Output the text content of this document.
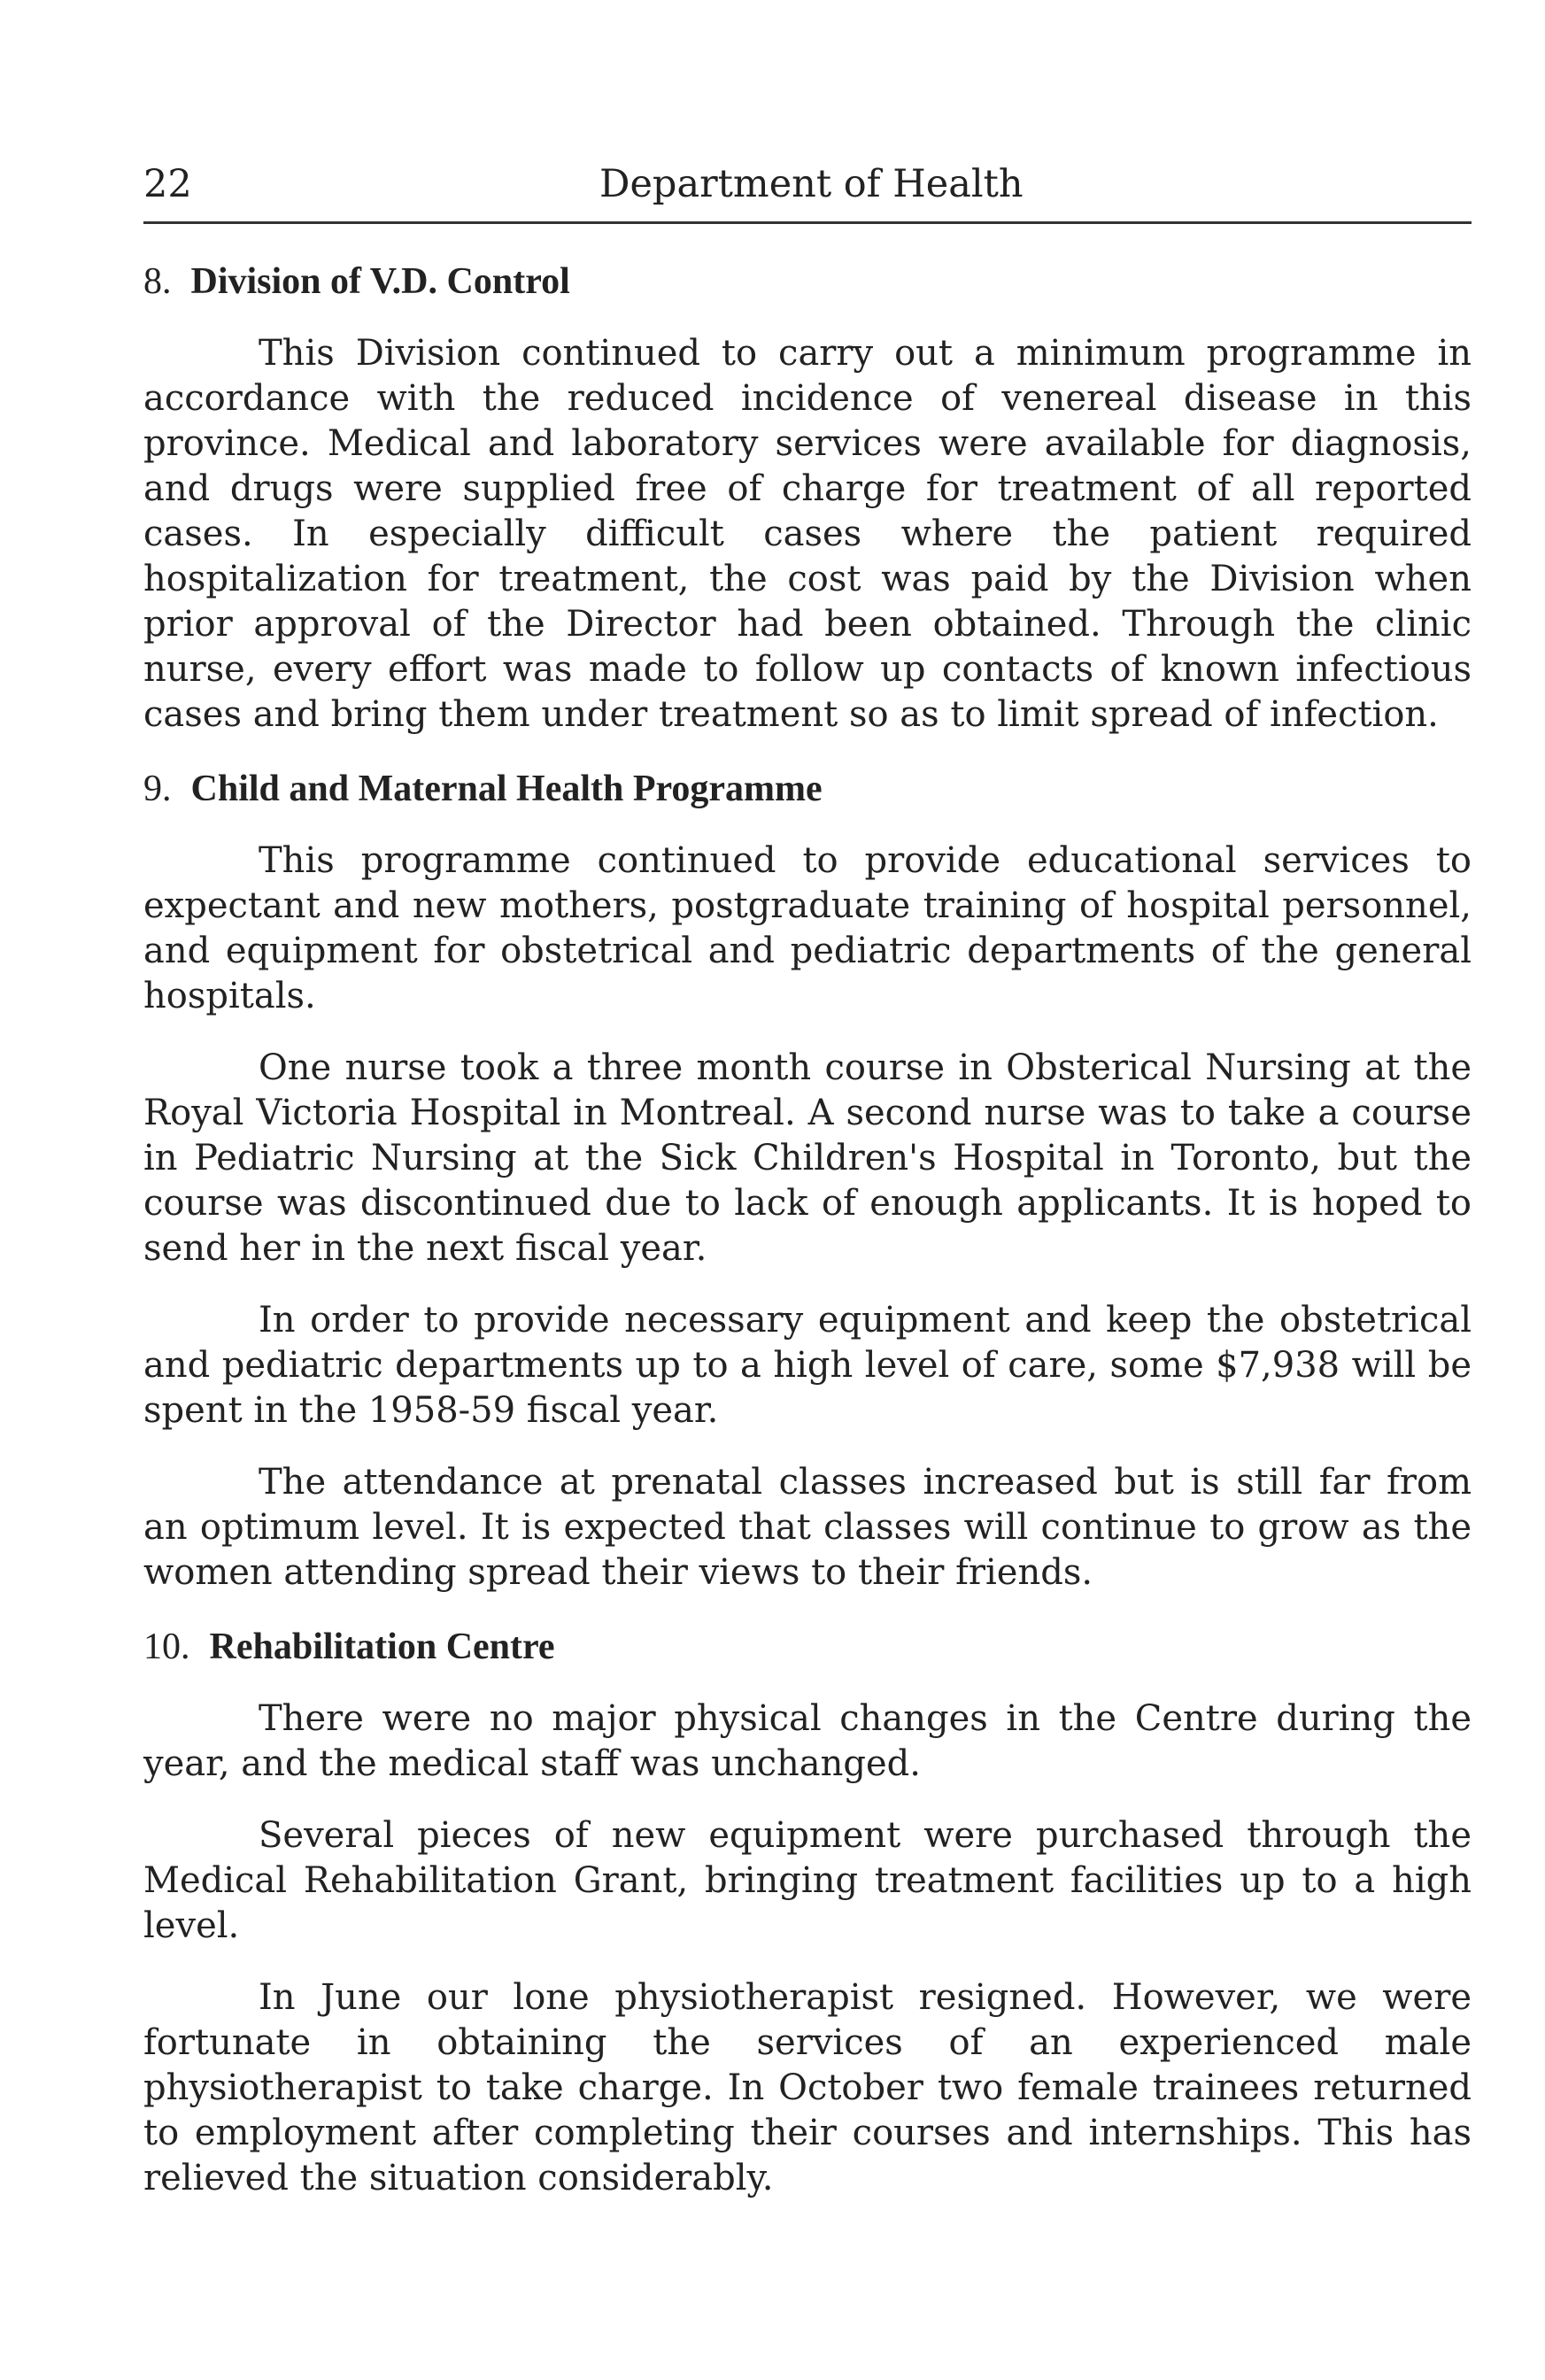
22	Department of Health
8. Division of V.D. Control

This Division continued to carry out a minimum programme in accordance with the reduced incidence of venereal disease in this province. Medical and laboratory services were available for diagnosis, and drugs were supplied free of charge for treatment of all reported cases. In especially difficult cases where the patient required hospitalization for treatment, the cost was paid by the Division when prior approval of the Director had been obtained. Through the clinic nurse, every effort was made to follow up contacts of known infectious cases and bring them under treatment so as to limit spread of infection.

9. Child and Maternal Health Programme

This programme continued to provide educational services to expectant and new mothers, postgraduate training of hospital personnel, and equipment for obstetrical and pediatric departments of the general hospitals.

One nurse took a three month course in Obsterical Nursing at the Royal Victoria Hospital in Montreal. A second nurse was to take a course in Pediatric Nursing at the Sick Children's Hospital in Toronto, but the course was discontinued due to lack of enough applicants. It is hoped to send her in the next fiscal year.

In order to provide necessary equipment and keep the obstetrical and pediatric departments up to a high level of care, some $7,938 will be spent in the 1958-59 fiscal year.

The attendance at prenatal classes increased but is still far from an optimum level. It is expected that classes will continue to grow as the women attending spread their views to their friends.

10. Rehabilitation Centre

There were no major physical changes in the Centre during the year, and the medical staff was unchanged.

Several pieces of new equipment were purchased through the Medical Rehabilitation Grant, bringing treatment facilities up to a high level.

In June our lone physiotherapist resigned. However, we were fortunate in obtaining the services of an experienced male physiotherapist to take charge. In October two female trainees returned to employment after completing their courses and internships. This has relieved the situation considerably.
